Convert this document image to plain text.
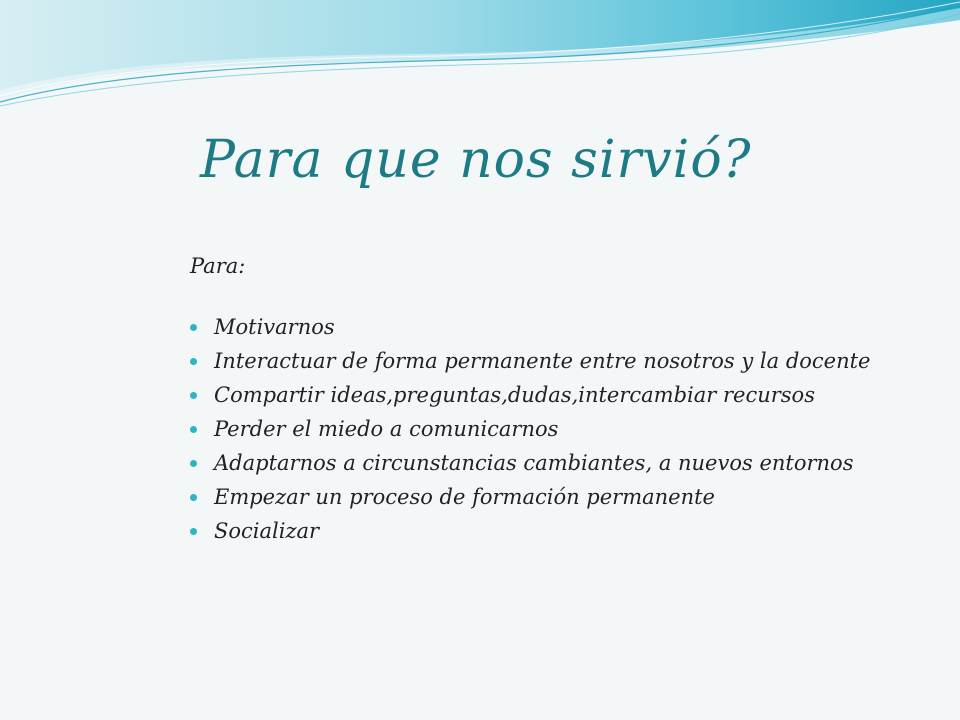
Para que nos sirvió?

Para:

Motivarnos
Interactuar de forma permanente entre nosotros y la docente
Compartir ideas,preguntas,dudas,intercambiar recursos
Perder el miedo a comunicarnos
Adaptarnos a circunstancias cambiantes, a nuevos entornos
Empezar un proceso de formación permanente
Socializar
